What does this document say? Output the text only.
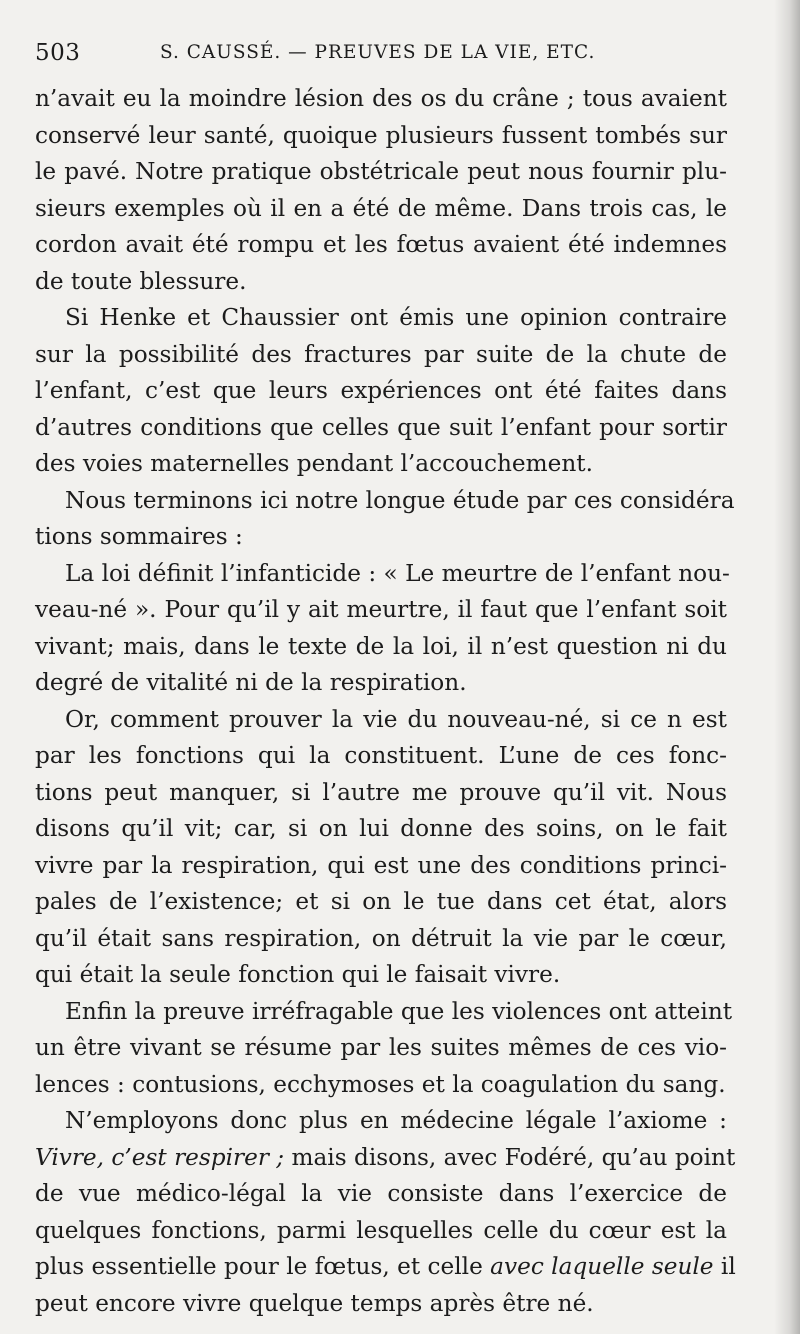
503	S. CAUSSÉ. — PREUVES DE LA VIE, ETC.
n’avait eu la moindre lésion des os du crâne ; tous avaient
conservé leur santé, quoique plusieurs fussent tombés sur
le pavé. Notre pratique obstétricale peut nous fournir plu-
sieurs exemples où il en a été de même. Dans trois cas, le
cordon avait été rompu et les fœtus avaient été indemnes
de toute blessure.
Si Henke et Chaussier ont émis une opinion contraire
sur la possibilité des fractures par suite de la chute de
l’enfant, c’est que leurs expériences ont été faites dans
d’autres conditions que celles que suit l’enfant pour sortir
des voies maternelles pendant l’accouchement.
Nous terminons ici notre longue étude par ces considéra
tions sommaires :
La loi définit l’infanticide : « Le meurtre de l’enfant nou-
veau-né ». Pour qu’il y ait meurtre, il faut que l’enfant soit
vivant; mais, dans le texte de la loi, il n’est question ni du
degré de vitalité ni de la respiration.
Or, comment prouver la vie du nouveau-né, si ce n est
par les fonctions qui la constituent. L’une de ces fonc-
tions peut manquer, si l’autre me prouve qu’il vit. Nous
disons qu’il vit; car, si on lui donne des soins, on le fait
vivre par la respiration, qui est une des conditions princi-
pales de l’existence; et si on le tue dans cet état, alors
qu’il était sans respiration, on détruit la vie par le cœur,
qui était la seule fonction qui le faisait vivre.
Enfin la preuve irréfragable que les violences ont atteint
un être vivant se résume par les suites mêmes de ces vio-
lences : contusions, ecchymoses et la coagulation du sang.
N’employons donc plus en médecine légale l’axiome :
Vivre, c’est respirer ; mais disons, avec Fodéré, qu’au point
de vue médico-légal la vie consiste dans l’exercice de
quelques fonctions, parmi lesquelles celle du cœur est la
plus essentielle pour le fœtus, et celle avec laquelle seule il
peut encore vivre quelque temps après être né.
